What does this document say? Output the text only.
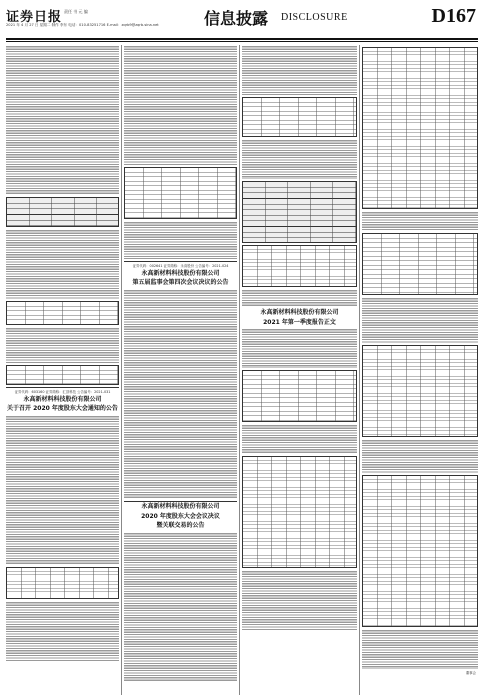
证券日报 责任 书 元 编
2021 年 4 月 27 日 星期二 制作 李东 电话：010-83251716 E-mail：zqrb9@zqrb.sina.net	信息披露 DISCLOSURE	D167
证券代码：603160 证券简称：汇顶科技 公告编号：2021-031
永高新材料科技股份有限公司
关于召开 2020 年度股东大会通知的公告
证券代码：002641 证券简称：永高股份 公告编号：2021-024
永高新材料科技股份有限公司
第五届监事会第四次会议决议的公告
永高新材料科技股份有限公司
2020 年度股东大会会议决议
暨关联交易的公告
永高新材料科技股份有限公司
2021 年第一季度报告正文
董事会
